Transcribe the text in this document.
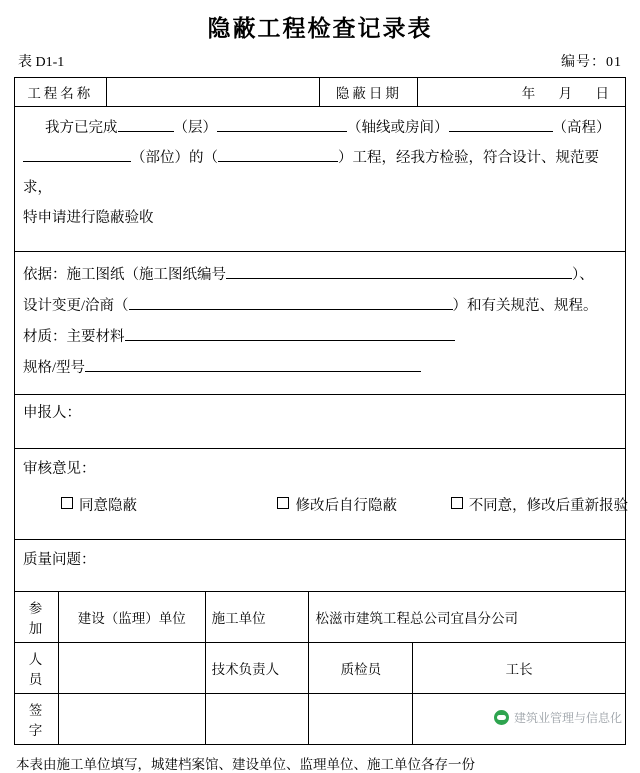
隐蔽工程检查记录表
表 D1-1	编号：01
工程名称		隐蔽日期	年 月 日

我方已完成	（层）	（轴线或房间）	（高程）
（部位）的（	）工程，经我方检验，符合设计、规范要求，
特申请进行隐蔽验收

依据：施工图纸（施工图纸编号	）、
设计变更/洽商（	）和有关规范、规程。
材质：主要材料
规格/型号

申报人：

审核意见：
同意隐蔽	修改后自行隐蔽	不同意，修改后重新报验

质量问题：
参 加	建设（监理）单位	施工单位	松滋市建筑工程总公司宜昌分公司	
人 员		技术负责人	质检员	工长
签 字				
本表由施工单位填写，城建档案馆、建设单位、监理单位、施工单位各存一份
建筑业管理与信息化
